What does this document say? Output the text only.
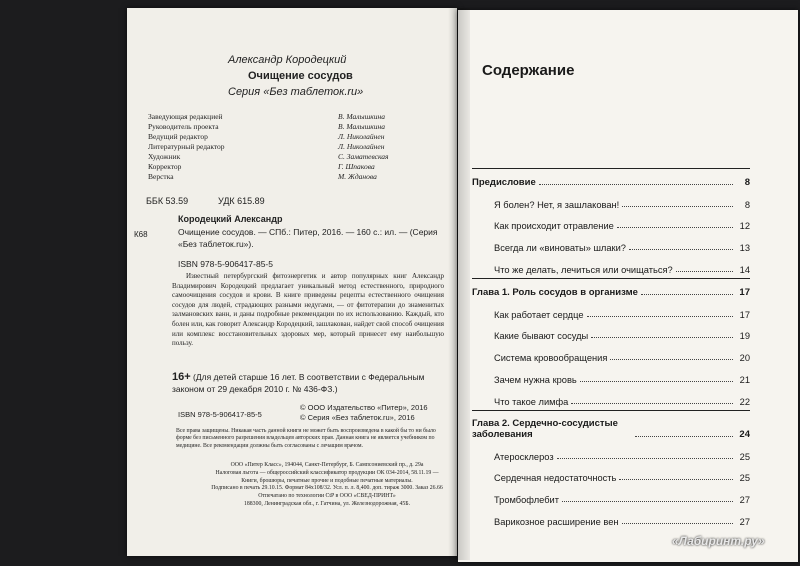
Александр Кородецкий
Очищение сосудов
Серия «Без таблеток.ru»
Заведующая редакцией	В. Малышкина
Руководитель проекта	В. Малышкина
Ведущий редактор	Л. Николайнен
Литературный редактор	Л. Николайнен
Художник	С. Заматевская
Корректор	Г. Шпакова
Верстка	М. Жданова
ББК 53.59	УДК 615.89
К68
Кородецкий Александр
Очищение сосудов. — СПб.: Питер, 2016. — 160 с.: ил. — (Серия «Без таблеток.ru»).
ISBN 978-5-906417-85-5
Известный петербургский фитоэнергетик и автор популярных книг Александр Владимирович Кородецкий предлагает уникальный метод естественного, природного самоочищения сосудов и крови. В книге приведены рецепты естественного очищения сосудов для людей, страдающих разными недугами, — от фитотерапии до знаменитых залмановских ванн, и даны подробные рекомендации по их использованию. Каждый, кто болен или, как говорит Александр Кородецкий, зашлакован, найдет свой способ очищения или комплекс восстановительных здоровых мер, который принесет ему наибольшую пользу.
16+ (Для детей старше 16 лет. В соответствии с Федеральным законом от 29 декабря 2010 г. № 436-ФЗ.)
ISBN 978-5-906417-85-5
© ООО Издательство «Питер», 2016
© Серия «Без таблеток.ru», 2016
Все права защищены. Никакая часть данной книги не может быть воспроизведена в какой бы то ни было форме без письменного разрешения владельцев авторских прав. Данная книга не является учебником по медицине. Все рекомендации должны быть согласованы с лечащим врачом.
ООО «Питер Класс», 194044, Санкт-Петербург, Б. Сампсониевский пр., д. 29а
Налоговая льгота — общероссийский классификатор продукции ОК 034-2014, 58.11.19 —
Книги, брошюры, печатные прочие и подобные печатные материалы.
Подписано в печать 29.10.15. Формат 84х108/32. Усл. п. л. 8,400. доп. тираж 3000. Заказ 26.66
Отпечатано по технологии CtP в ООО «СВЕД-ПРИНТ»
188300, Ленинградская обл., г. Гатчина, ул. Железнодорожная, 45Б.
Содержание
Предисловие	8
Я болен? Нет, я зашлакован!	8
Как происходит отравление	12
Всегда ли «виноваты» шлаки?	13
Что же делать, лечиться или очищаться?	14
Глава 1. Роль сосудов в организме	17
Как работает сердце	17
Какие бывают сосуды	19
Система кровообращения	20
Зачем нужна кровь	21
Что такое лимфа	22
Глава 2. Сердечно-сосудистые заболевания	24
Атеросклероз	25
Сердечная недостаточность	25
Тромбофлебит	27
Варикозное расширение вен	27
«Лабиринт.ру»
